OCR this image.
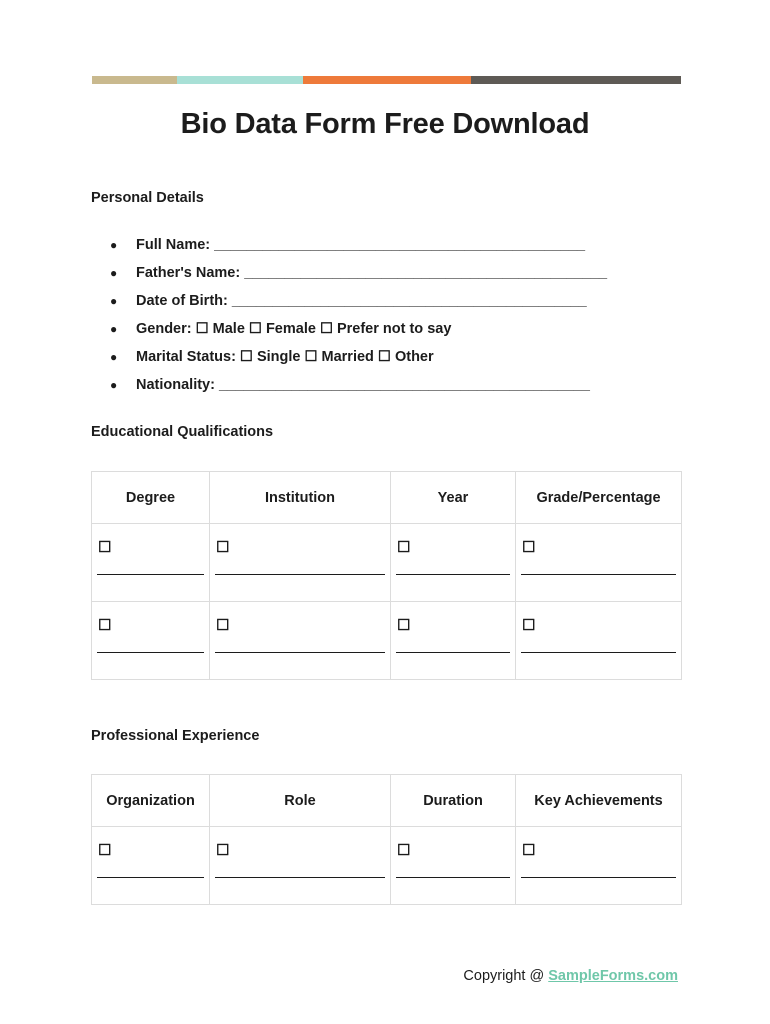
Bio Data Form Free Download
Personal Details
● Full Name: ______________________________________________
● Father's Name: _____________________________________________
● Date of Birth: ____________________________________________
● Gender: ☐ Male ☐ Female ☐ Prefer not to say
● Marital Status: ☐ Single ☐ Married ☐ Other
● Nationality: ______________________________________________
Educational Qualifications
Degree	Institution	Year	Grade/Percentage

☐	☐	☐	☐

☐	☐	☐	☐
Professional Experience
Organization	Role	Duration	Key Achievements

☐	☐	☐	☐
Copyright @ SampleForms.com
